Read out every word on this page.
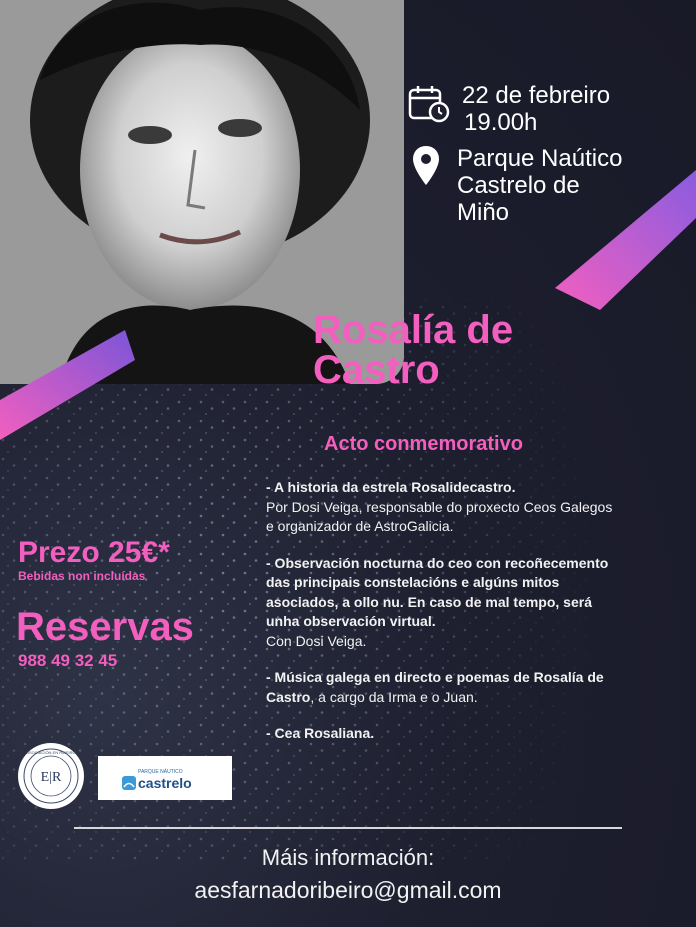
22 de febreiro
19.00h
Parque Naútico
Castrelo de
Miño
Rosalía de
Castro
Acto conmemorativo

- A historia da estrela Rosalidecastro.
Por Dosi Veiga, responsable do proxecto Ceos Galegos
e organizador de AstroGalicia.

- Observación nocturna do ceo con recoñecemento
das principais constelacións e algúns mitos
asociados, a ollo nu. En caso de mal tempo, será
unha observación virtual.
Con Dosi Veiga.

- Música galega en directo e poemas de Rosalía de
Castro, a cargo da Irma e o Juan.

- Cea Rosaliana.

Prezo 25€*
Bebidas non incluídas
Reservas
988 49 32 45
E|R
ASOCIACIÓN EN RIBEIRO
PARQUE NÁUTICO
castrelo
Máis información:
aesfarnadoribeiro@gmail.com
